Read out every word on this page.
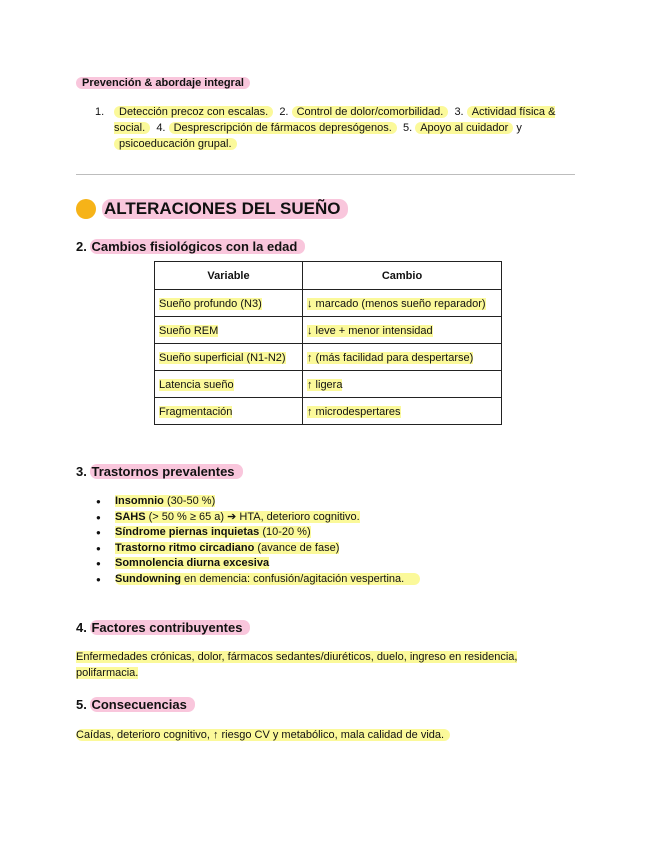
Prevención & abordaje integral
1.	Detección precoz con escalas. 2. Control de dolor/comorbilidad. 3. Actividad física & social. 4. Desprescripción de fármacos depresógenos. 5. Apoyo al cuidador y psicoeducación grupal.
ALTERACIONES DEL SUEÑO
2. Cambios fisiológicos con la edad
Variable	Cambio
Sueño profundo (N3)	↓ marcado (menos sueño reparador)
Sueño REM	↓ leve + menor intensidad
Sueño superficial (N1-N2)	↑ (más facilidad para despertarse)
Latencia sueño	↑ ligera
Fragmentación	↑ microdespertares
3. Trastornos prevalentes
● Insomnio (30-50 %)
● SAHS (> 50 % ≥ 65 a) ➔ HTA, deterioro cognitivo.
● Síndrome piernas inquietas (10-20 %)
● Trastorno ritmo circadiano (avance de fase)
● Somnolencia diurna excesiva
● Sundowning en demencia: confusión/agitación vespertina.
4. Factores contribuyentes
Enfermedades crónicas, dolor, fármacos sedantes/diuréticos, duelo, ingreso en residencia, polifarmacia.
5. Consecuencias
Caídas, deterioro cognitivo, ↑ riesgo CV y metabólico, mala calidad de vida.
